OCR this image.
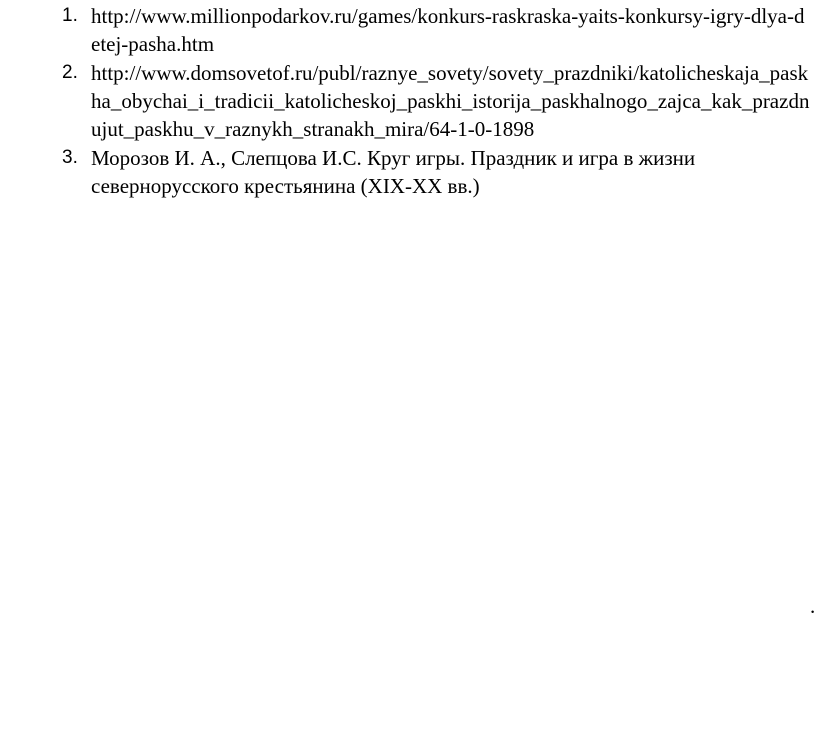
1. http://www.millionpodarkov.ru/games/konkurs-raskraska-yaits-konkursy-igry-dlya-detej-pasha.htm
2. http://www.domsovetof.ru/publ/raznye_sovety/sovety_prazdniki/katolicheskaja_paskha_obychai_i_tradicii_katolicheskoj_paskhi_istorija_paskhalnogo_zajca_kak_prazdnujut_paskhu_v_raznykh_stranakh_mira/64-1-0-1898
3. Морозов И. А., Слепцова И.С. Круг игры. Праздник и игра в жизни севернорусского крестьянина (XIX-XX вв.)
.
